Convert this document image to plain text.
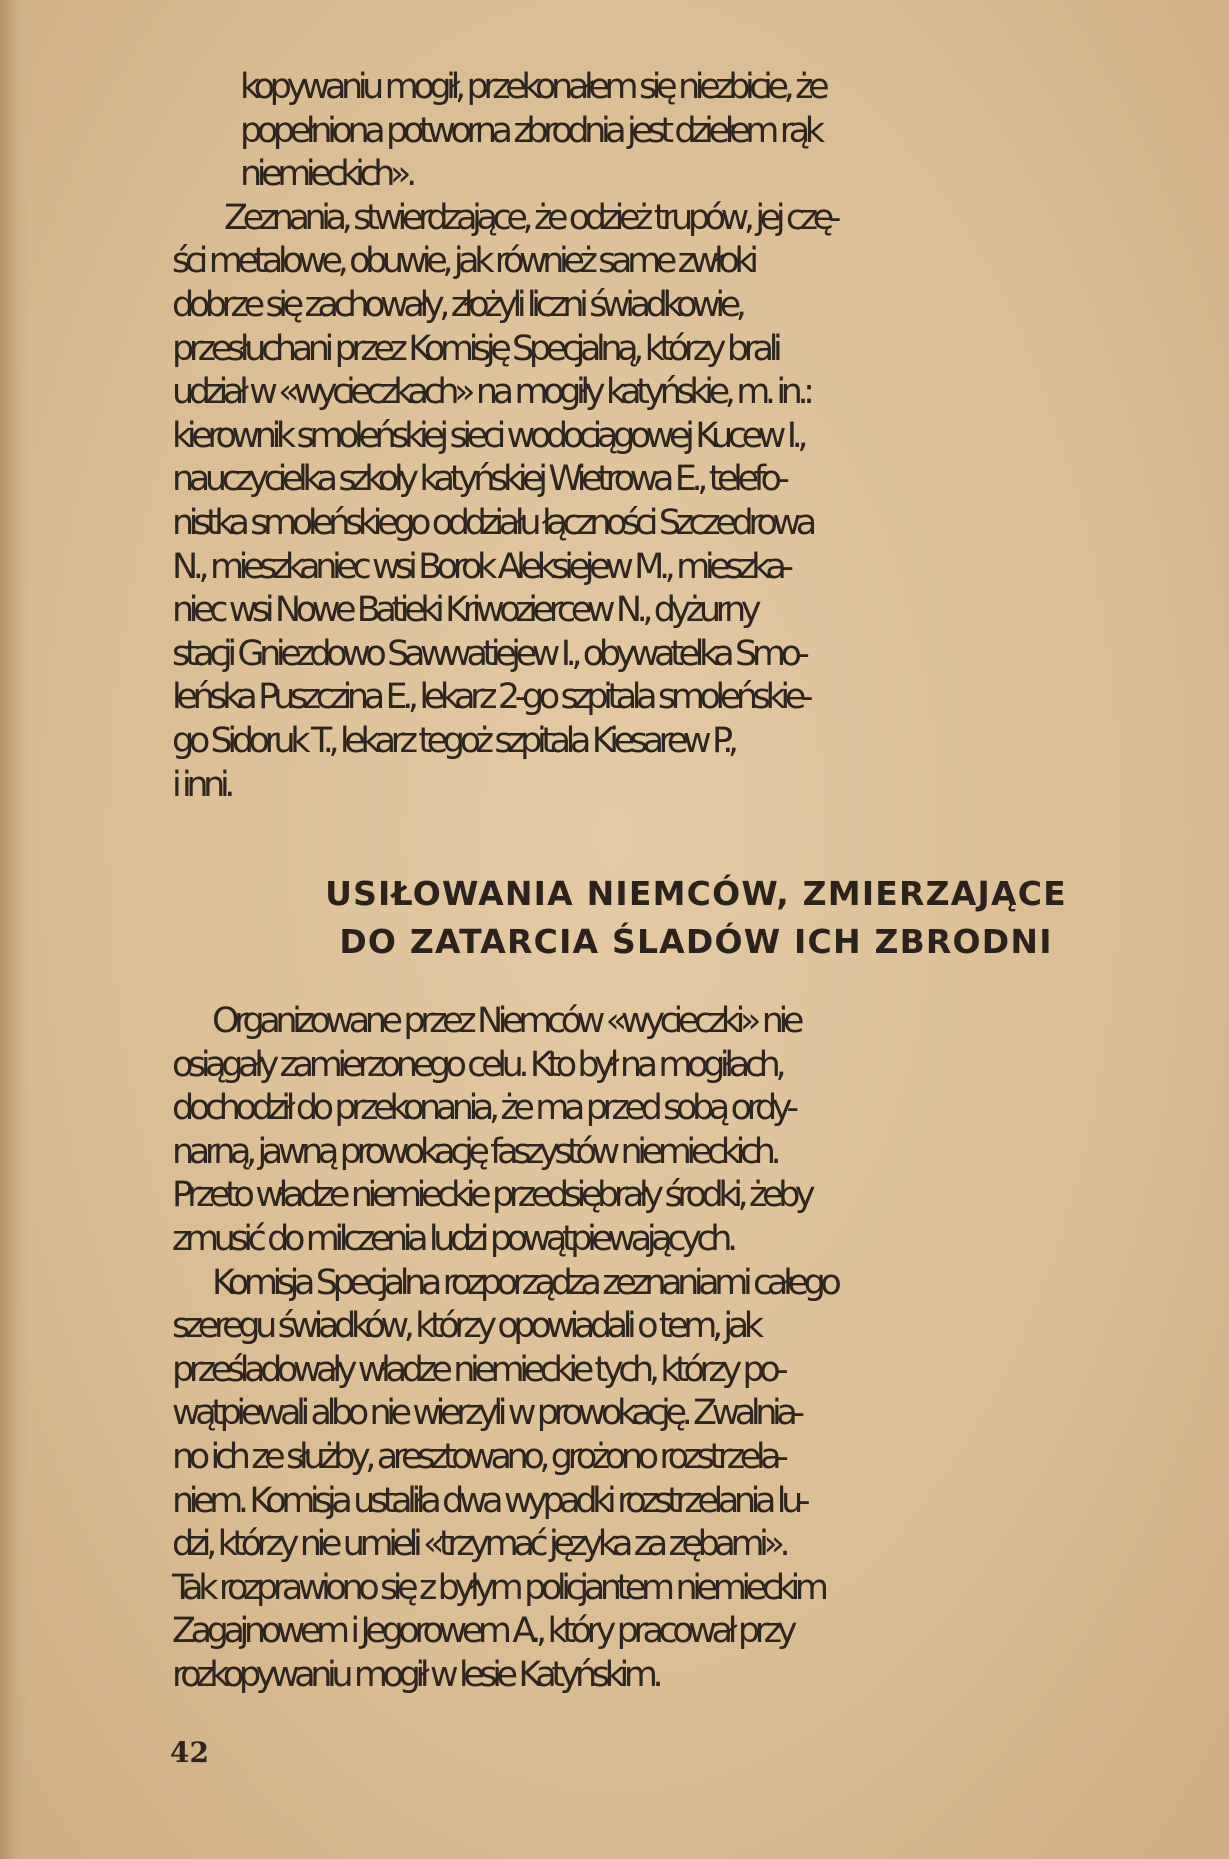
kopywaniu mogił, przekonałem się niezbicie, że
popełniona potworna zbrodnia jest dziełem rąk
niemieckich».
Zeznania, stwierdzające, że odzież trupów, jej czę-
ści metalowe, obuwie, jak również same zwłoki
dobrze się zachowały, złożyli liczni świadkowie,
przesłuchani przez Komisję Specjalną, którzy brali
udział w «wycieczkach» na mogiły katyńskie, m. in.:
kierownik smoleńskiej sieci wodociągowej Kucew I.,
nauczycielka szkoły katyńskiej Wietrowa E., telefo-
nistka smoleńskiego oddziału łączności Szczedrowa
N., mieszkaniec wsi Borok Aleksiejew M., mieszka-
niec wsi Nowe Batieki Kriwoziercew N., dyżurny
stacji Gniezdowo Sawwatiejew I., obywatelka Smo-
leńska Puszczina E., lekarz 2-go szpitala smoleńskie-
go Sidoruk T., lekarz tegoż szpitala Kiesarew P.,
i inni.
USIŁOWANIA NIEMCÓW, ZMIERZAJĄCE
DO ZATARCIA ŚLADÓW ICH ZBRODNI
Organizowane przez Niemców «wycieczki» nie
osiągały zamierzonego celu. Kto był na mogiłach,
dochodził do przekonania, że ma przed sobą ordy-
narną, jawną prowokację faszystów niemieckich.
Przeto władze niemieckie przedsiębrały środki, żeby
zmusić do milczenia ludzi powątpiewających.
Komisja Specjalna rozporządza zeznaniami całego
szeregu świadków, którzy opowiadali o tem, jak
prześladowały władze niemieckie tych, którzy po-
wątpiewali albo nie wierzyli w prowokację. Zwalnia-
no ich ze służby, aresztowano, grożono rozstrzela-
niem. Komisja ustaliła dwa wypadki rozstrzelania lu-
dzi, którzy nie umieli «trzymać języka za zębami».
Tak rozprawiono się z byłym policjantem niemieckim
Zagajnowem i Jegorowem A., który pracował przy
rozkopywaniu mogił w lesie Katyńskim.
42
